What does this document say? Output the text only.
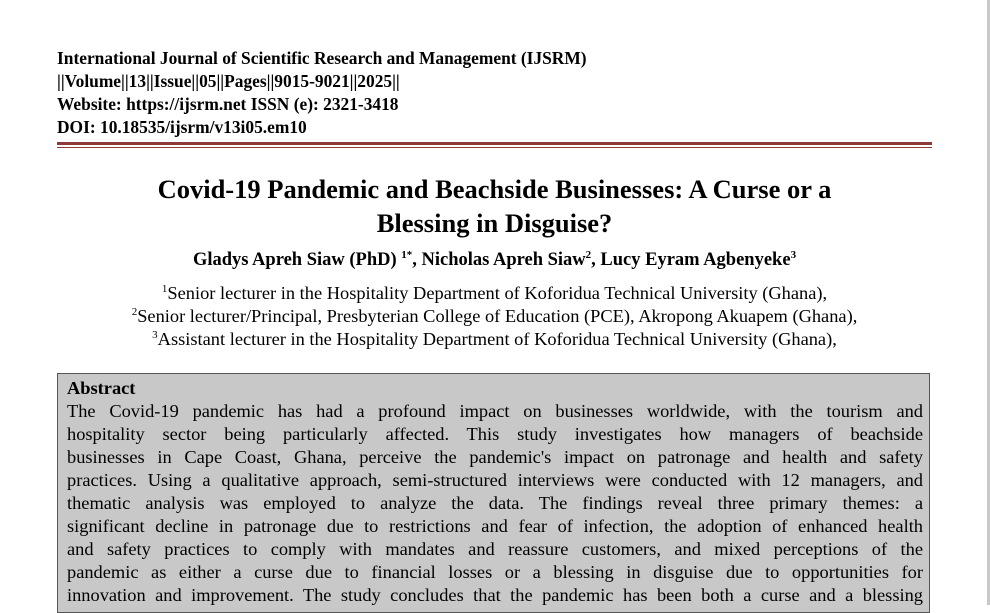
International Journal of Scientific Research and Management (IJSRM)
||Volume||13||Issue||05||Pages||9015-9021||2025||
Website: https://ijsrm.net ISSN (e): 2321-3418
DOI: 10.18535/ijsrm/v13i05.em10
Covid-19 Pandemic and Beachside Businesses: A Curse or a
Blessing in Disguise?
Gladys Apreh Siaw (PhD) $^{1*}$, Nicholas Apreh Siaw$^2$, Lucy Eyram Agbenyeke$^3$
$^1$Senior lecturer in the Hospitality Department of Koforidua Technical University (Ghana),
$^2$Senior lecturer/Principal, Presbyterian College of Education (PCE), Akropong Akuapem (Ghana),
$^3$Assistant lecturer in the Hospitality Department of Koforidua Technical University (Ghana),
Abstract
The Covid-19 pandemic has had a profound impact on businesses worldwide, with the tourism and
hospitality sector being particularly affected. This study investigates how managers of beachside
businesses in Cape Coast, Ghana, perceive the pandemic's impact on patronage and health and safety
practices. Using a qualitative approach, semi-structured interviews were conducted with 12 managers, and
thematic analysis was employed to analyze the data. The findings reveal three primary themes: a
significant decline in patronage due to restrictions and fear of infection, the adoption of enhanced health
and safety practices to comply with mandates and reassure customers, and mixed perceptions of the
pandemic as either a curse due to financial losses or a blessing in disguise due to opportunities for
innovation and improvement. The study concludes that the pandemic has been both a curse and a blessing
